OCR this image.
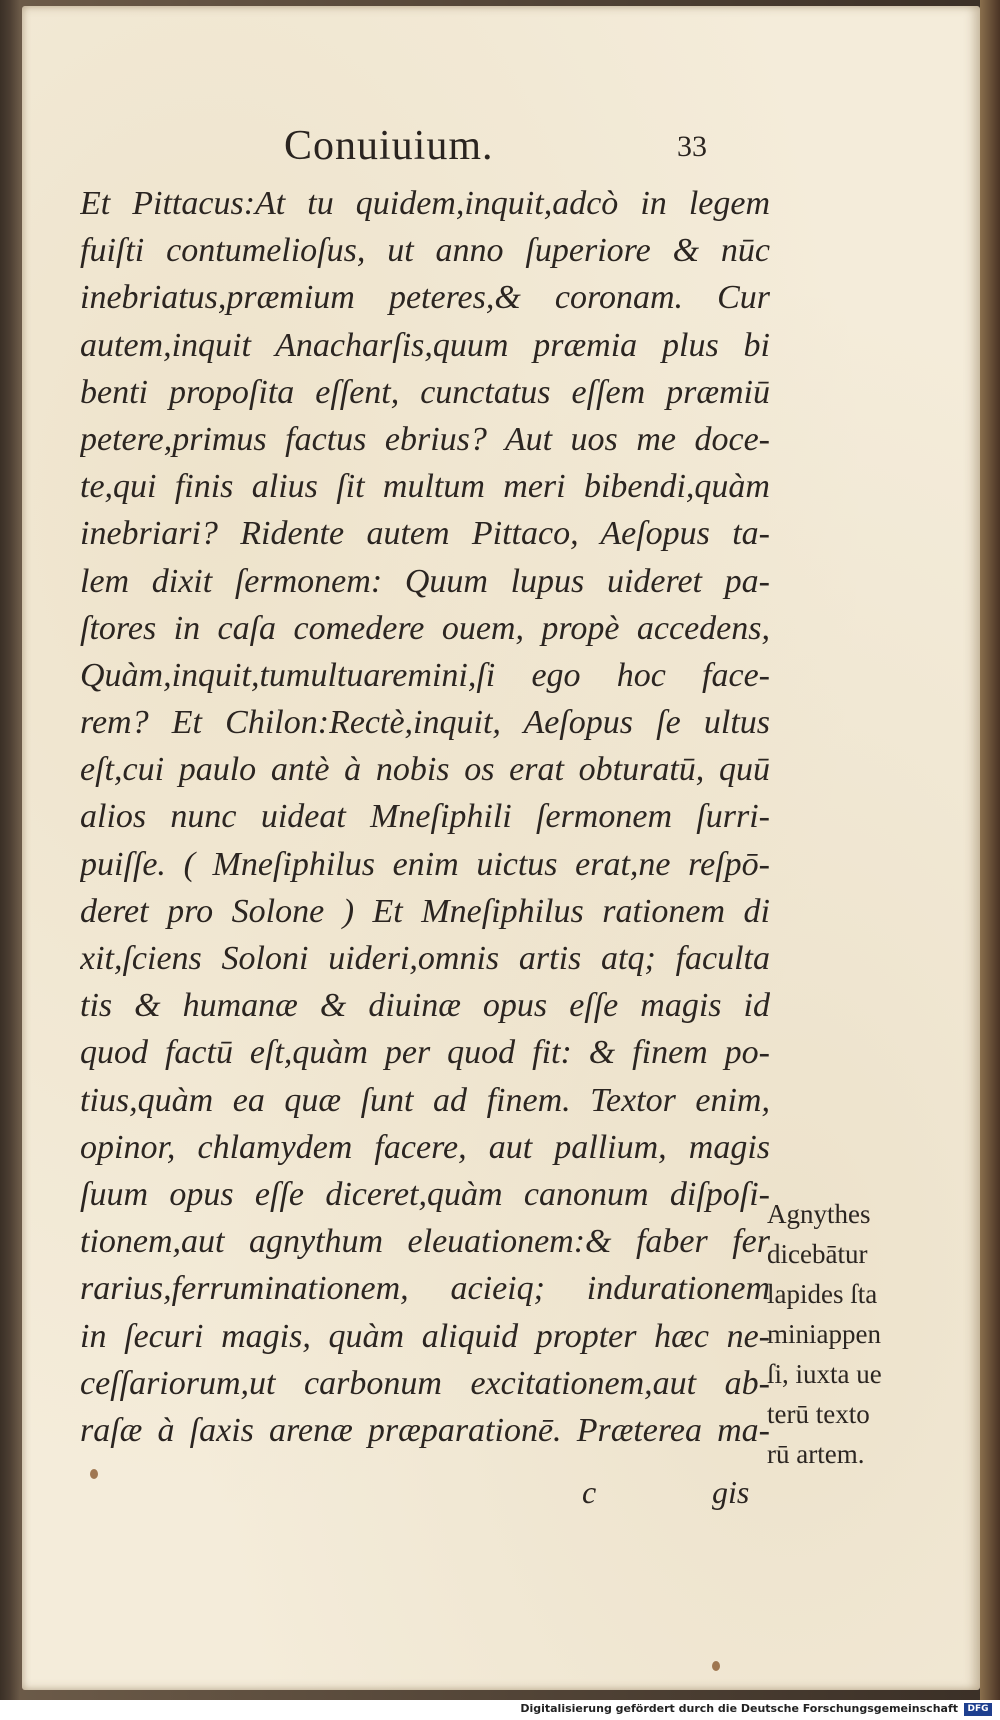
Conuiuium.	33
Et Pittacus:At tu quidem,inquit,adcò in legem
fuiſti contumelioſus, ut anno ſuperiore & nūc
inebriatus,præmium peteres,& coronam. Cur
autem,inquit Anacharſis,quum præmia plus bi
benti propoſita eſſent, cunctatus eſſem præmiū
petere,primus factus ebrius? Aut uos me doce-
te,qui finis alius ſit multum meri bibendi,quàm
inebriari? Ridente autem Pittaco, Aeſopus ta-
lem dixit ſermonem: Quum lupus uideret pa-
ſtores in caſa comedere ouem, propè accedens,
Quàm,inquit,tumultuaremini,ſi ego hoc face-
rem? Et Chilon:Rectè,inquit, Aeſopus ſe ultus
eſt,cui paulo antè à nobis os erat obturatū, quū
alios nunc uideat Mneſiphili ſermonem ſurri-
puiſſe. ( Mneſiphilus enim uictus erat,ne reſpō-
deret pro Solone ) Et Mneſiphilus rationem di
xit,ſciens Soloni uideri,omnis artis atq; faculta
tis & humanæ & diuinæ opus eſſe magis id
quod factū eſt,quàm per quod fit: & finem po-
tius,quàm ea quæ ſunt ad finem. Textor enim,
opinor, chlamydem facere, aut pallium, magis
ſuum opus eſſe diceret,quàm canonum diſpoſi-
tionem,aut agnythum eleuationem:& faber fer
rarius,ferruminationem, acieiq; indurationem
in ſecuri magis, quàm aliquid propter hæc ne-
ceſſariorum,ut carbonum excitationem,aut ab-
raſæ à ſaxis arenæ præparationē. Præterea ma-
c	gis
Agnythes
dicebātur
lapides ſta
miniappen
ſi, iuxta ue
terū texto
rū artem.
Digitalisierung gefördert durch die Deutsche Forschungsgemeinschaft	DFG
